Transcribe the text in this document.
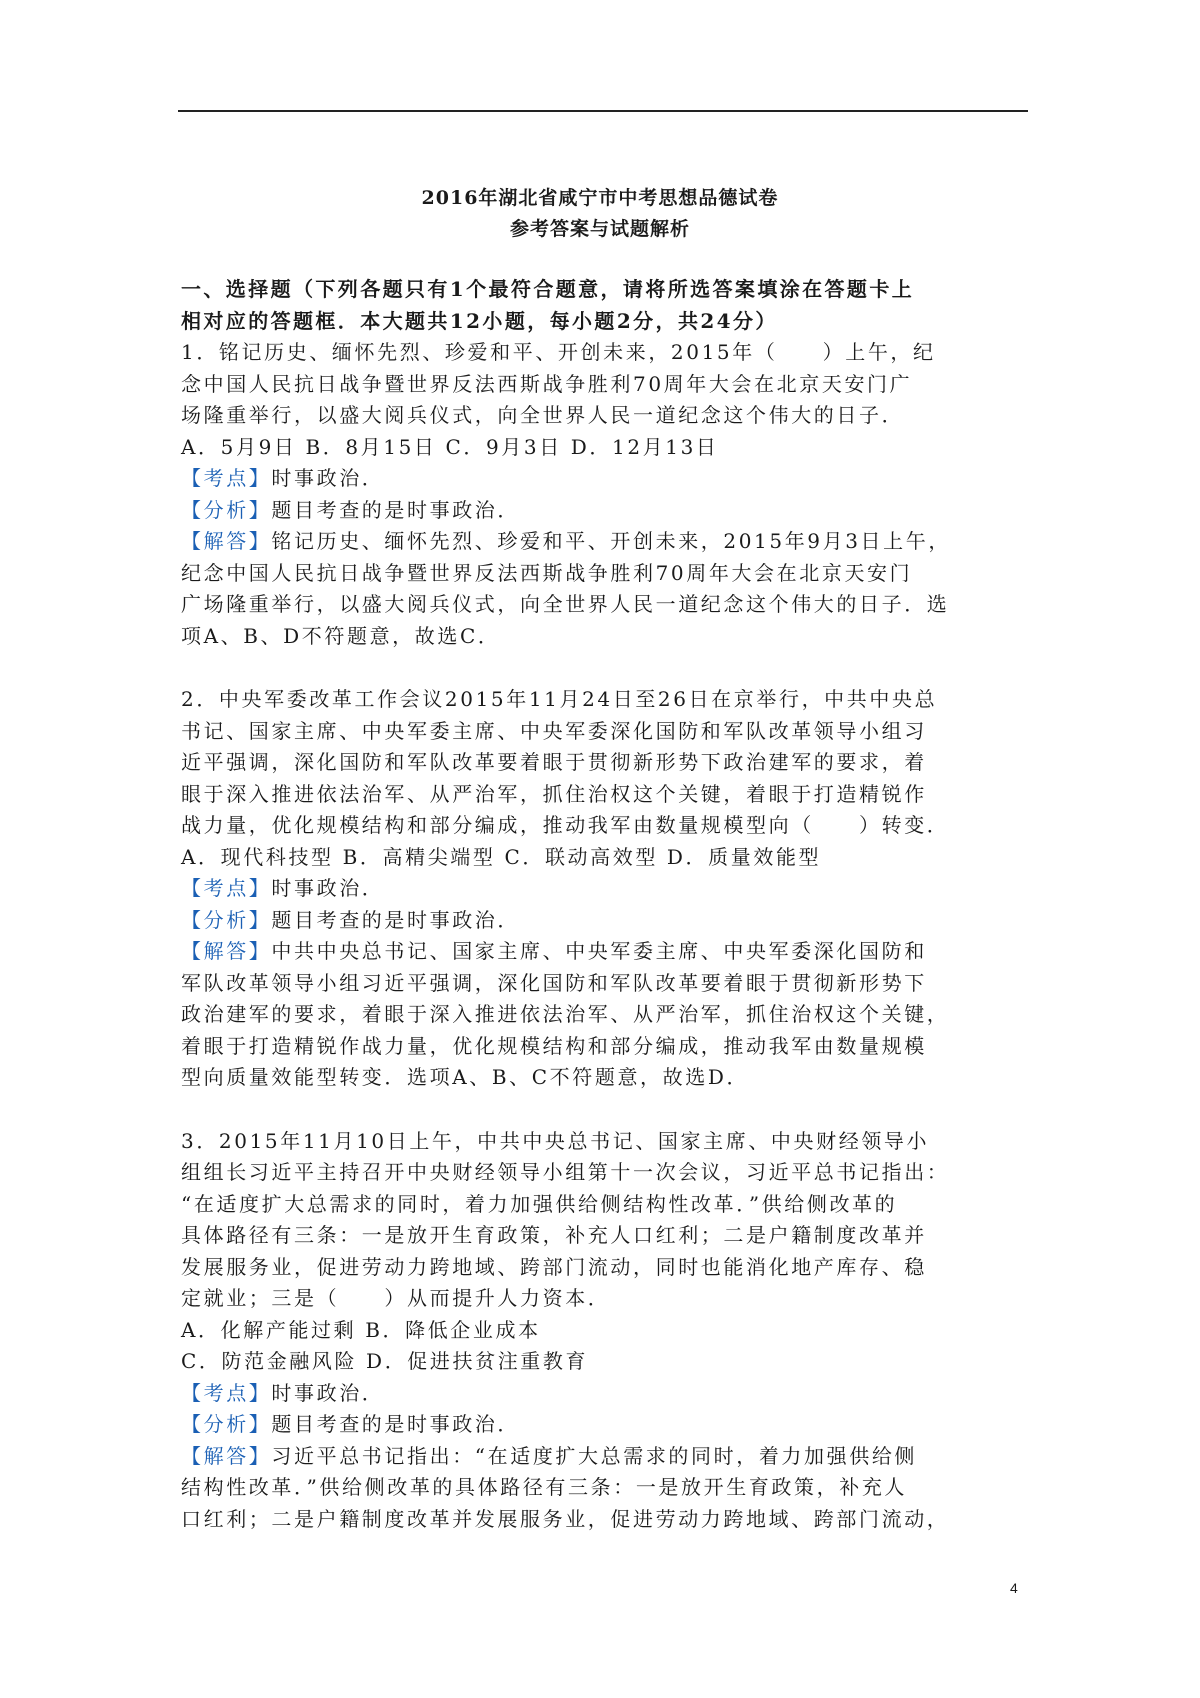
2016年湖北省咸宁市中考思想品德试卷
参考答案与试题解析
一、选择题（下列各题只有1个最符合题意，请将所选答案填涂在答题卡上
相对应的答题框．本大题共12小题，每小题2分，共24分）
1．铭记历史、缅怀先烈、珍爱和平、开创未来，2015年（　　）上午，纪
念中国人民抗日战争暨世界反法西斯战争胜利70周年大会在北京天安门广
场隆重举行，以盛大阅兵仪式，向全世界人民一道纪念这个伟大的日子．
A．5月9日 B．8月15日 C．9月3日 D．12月13日
【考点】时事政治．
【分析】题目考查的是时事政治．
【解答】铭记历史、缅怀先烈、珍爱和平、开创未来，2015年9月3日上午，
纪念中国人民抗日战争暨世界反法西斯战争胜利70周年大会在北京天安门
广场隆重举行，以盛大阅兵仪式，向全世界人民一道纪念这个伟大的日子．选
项A、B、D不符题意，故选C．
2．中央军委改革工作会议2015年11月24日至26日在京举行，中共中央总
书记、国家主席、中央军委主席、中央军委深化国防和军队改革领导小组习
近平强调，深化国防和军队改革要着眼于贯彻新形势下政治建军的要求，着
眼于深入推进依法治军、从严治军，抓住治权这个关键，着眼于打造精锐作
战力量，优化规模结构和部分编成，推动我军由数量规模型向（　　）转变．
A．现代科技型 B．高精尖端型 C．联动高效型 D．质量效能型
【考点】时事政治．
【分析】题目考查的是时事政治．
【解答】中共中央总书记、国家主席、中央军委主席、中央军委深化国防和
军队改革领导小组习近平强调，深化国防和军队改革要着眼于贯彻新形势下
政治建军的要求，着眼于深入推进依法治军、从严治军，抓住治权这个关键，
着眼于打造精锐作战力量，优化规模结构和部分编成，推动我军由数量规模
型向质量效能型转变．选项A、B、C不符题意，故选D．
3．2015年11月10日上午，中共中央总书记、国家主席、中央财经领导小
组组长习近平主持召开中央财经领导小组第十一次会议，习近平总书记指出：
“在适度扩大总需求的同时，着力加强供给侧结构性改革．”供给侧改革的
具体路径有三条：一是放开生育政策，补充人口红利；二是户籍制度改革并
发展服务业，促进劳动力跨地域、跨部门流动，同时也能消化地产库存、稳
定就业；三是（　　）从而提升人力资本．
A．化解产能过剩 B．降低企业成本
C．防范金融风险 D．促进扶贫注重教育
【考点】时事政治．
【分析】题目考查的是时事政治．
【解答】习近平总书记指出：“在适度扩大总需求的同时，着力加强供给侧
结构性改革．”供给侧改革的具体路径有三条：一是放开生育政策，补充人
口红利；二是户籍制度改革并发展服务业，促进劳动力跨地域、跨部门流动，
4
